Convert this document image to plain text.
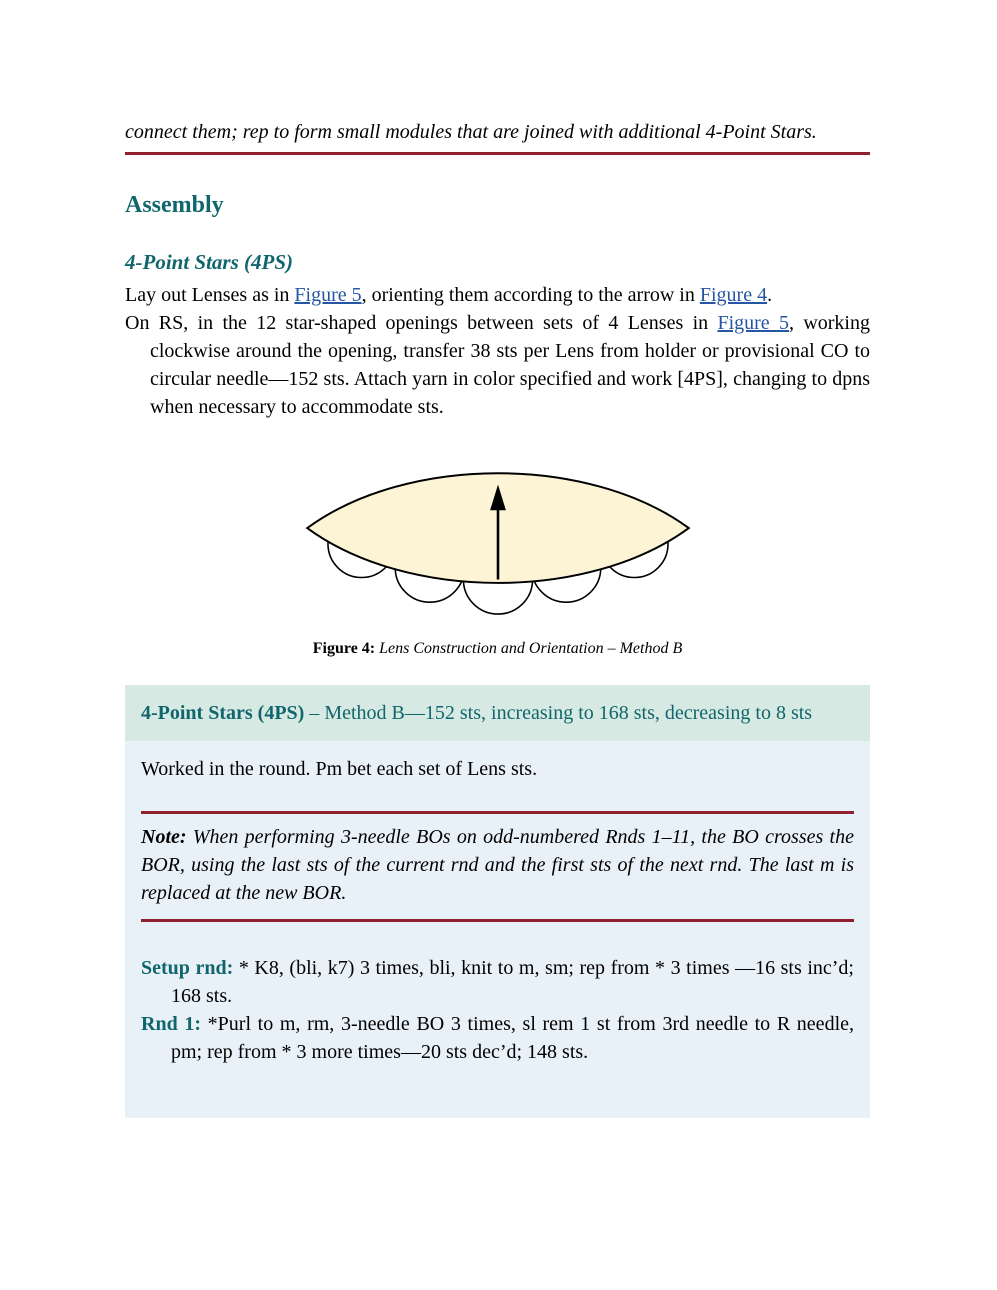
connect them; rep to form small modules that are joined with additional 4-Point Stars.

Assembly
4-Point Stars (4PS)

Lay out Lenses as in Figure 5, orienting them according to the arrow in Figure 4.

On RS, in the 12 star-shaped openings between sets of 4 Lenses in Figure 5, working clockwise around the opening, transfer 38 sts per Lens from holder or provisional CO to circular needle—152 sts. Attach yarn in color specified and work [4PS], changing to dpns when necessary to accommodate sts.

Figure 4: Lens Construction and Orientation – Method B

4-Point Stars (4PS) – Method B—152 sts, increasing to 168 sts, decreasing to 8 sts

Worked in the round. Pm bet each set of Lens sts.

Note: When performing 3-needle BOs on odd-numbered Rnds 1–11, the BO crosses the BOR, using the last sts of the current rnd and the first sts of the next rnd. The last m is replaced at the new BOR.

Setup rnd: * K8, (bli, k7) 3 times, bli, knit to m, sm; rep from * 3 times —16 sts inc’d; 168 sts.

Rnd 1: *Purl to m, rm, 3-needle BO 3 times, sl rem 1 st from 3rd needle to R needle, pm; rep from * 3 more times—20 sts dec’d; 148 sts.
